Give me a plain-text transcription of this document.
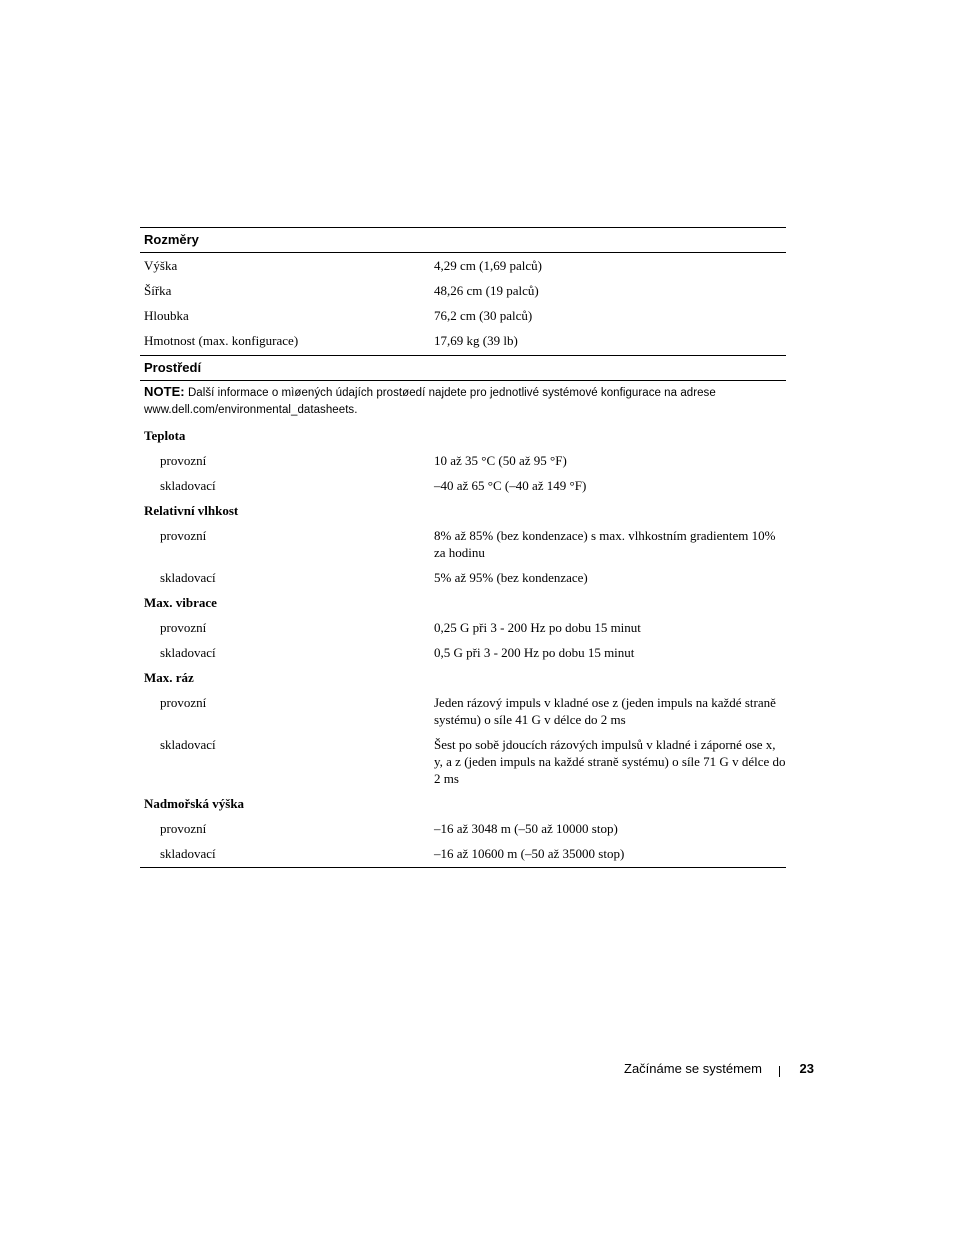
Rozměry
Výška	4,29 cm (1,69 palců)
Šířka	48,26 cm (19 palců)
Hloubka	76,2 cm (30 palců)
Hmotnost (max. konfigurace)	17,69 kg (39 lb)
Prostředí
NOTE: Další informace o mìøených údajích prostøedí najdete pro jednotlivé systémové konfigurace na adrese www.dell.com/environmental_datasheets.
Teplota
provozní	10 až 35 °C (50 až 95 °F)
skladovací	–40 až 65 °C (–40 až 149 °F)
Relativní vlhkost
provozní	8% až 85% (bez kondenzace) s max. vlhkostním gradientem 10% za hodinu
skladovací	5% až 95% (bez kondenzace)
Max. vibrace
provozní	0,25 G při 3 - 200 Hz po dobu 15 minut
skladovací	0,5 G při 3 - 200 Hz po dobu 15 minut
Max. ráz
provozní	Jeden rázový impuls v kladné ose z (jeden impuls na každé straně systému) o síle 41 G v délce do 2 ms
skladovací	Šest po sobě jdoucích rázových impulsů v kladné i záporné ose x, y, a z (jeden impuls na každé straně systému) o síle 71 G v délce do 2 ms
Nadmořská výška
provozní	–16 až 3048 m (–50 až 10000 stop)
skladovací	–16 až 10600 m (–50 až 35000 stop)
Začínáme se systémem	23
